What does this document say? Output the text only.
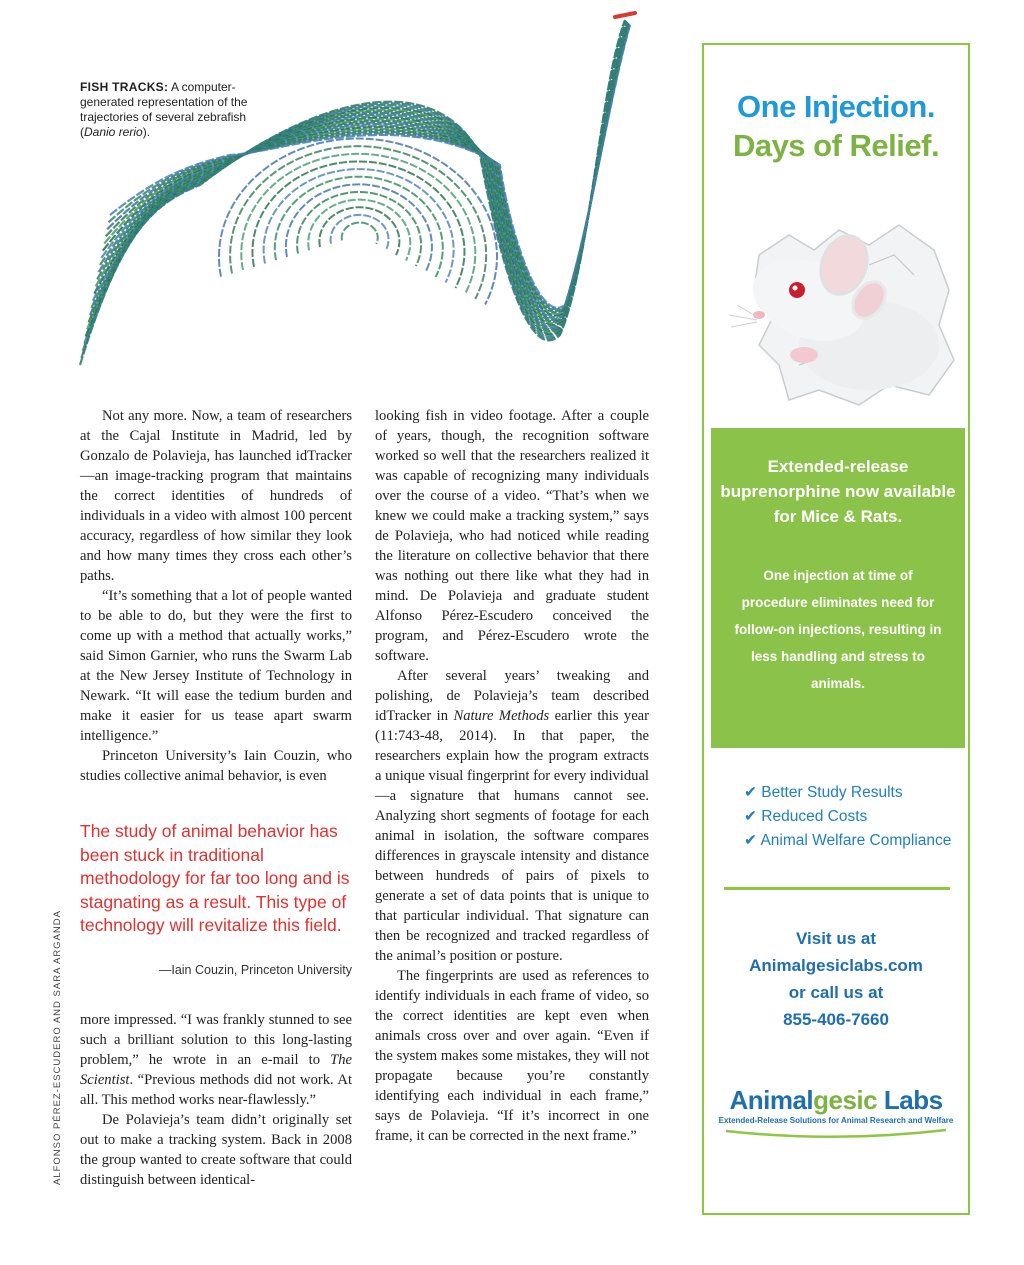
FISH TRACKS: A computer-generated representation of the trajectories of several zebrafish (Danio rerio).

Not any more. Now, a team of researchers at the Cajal Institute in Madrid, led by Gonzalo de Polavieja, has launched idTracker—an image-tracking program that maintains the correct identities of hundreds of individuals in a video with almost 100 percent accuracy, regardless of how similar they look and how many times they cross each other’s paths.

“It’s something that a lot of people wanted to be able to do, but they were the first to come up with a method that actually works,” said Simon Garnier, who runs the Swarm Lab at the New Jersey Institute of Technology in Newark. “It will ease the tedium burden and make it easier for us tease apart swarm intelligence.”

Princeton University’s Iain Couzin, who studies collective animal behavior, is even

The study of animal behavior has been stuck in traditional methodology for far too long and is stagnating as a result. This type of technology will revitalize this field.
—Iain Couzin, Princeton University

more impressed. “I was frankly stunned to see such a brilliant solution to this long-lasting problem,” he wrote in an e-mail to The Scientist. “Previous methods did not work. At all. This method works near-flawlessly.”

De Polavieja’s team didn’t originally set out to make a tracking system. Back in 2008 the group wanted to create software that could distinguish between identical-

looking fish in video footage. After a couple of years, though, the recognition software worked so well that the researchers realized it was capable of recognizing many individuals over the course of a video. “That’s when we knew we could make a tracking system,” says de Polavieja, who had noticed while reading the literature on collective behavior that there was nothing out there like what they had in mind. De Polavieja and graduate student Alfonso Pérez-Escudero conceived the program, and Pérez-Escudero wrote the software.

After several years’ tweaking and polishing, de Polavieja’s team described idTracker in Nature Methods earlier this year (11:743-48, 2014). In that paper, the researchers explain how the program extracts a unique visual fingerprint for every individual—a signature that humans cannot see. Analyzing short segments of footage for each animal in isolation, the software compares differences in grayscale intensity and distance between hundreds of pairs of pixels to generate a set of data points that is unique to that particular individual. That signature can then be recognized and tracked regardless of the animal’s position or posture.

The fingerprints are used as references to identify individuals in each frame of video, so the correct identities are kept even when animals cross over and over again. “Even if the system makes some mistakes, they will not propagate because you’re constantly identifying each individual in each frame,” says de Polavieja. “If it’s incorrect in one frame, it can be corrected in the next frame.”

ALFONSO PÉREZ-ESCUDERO AND SARA ARGANDA
One Injection.
Days of Relief.
Extended-release buprenorphine now available for Mice & Rats.
One injection at time of procedure eliminates need for follow-on injections, resulting in less handling and stress to animals.
✔ Better Study Results
✔ Reduced Costs
✔ Animal Welfare Compliance
Visit us at
Animalgesiclabs.com
or call us at
855-406-7660
Animalgesic Labs
Extended-Release Solutions for Animal Research and Welfare
